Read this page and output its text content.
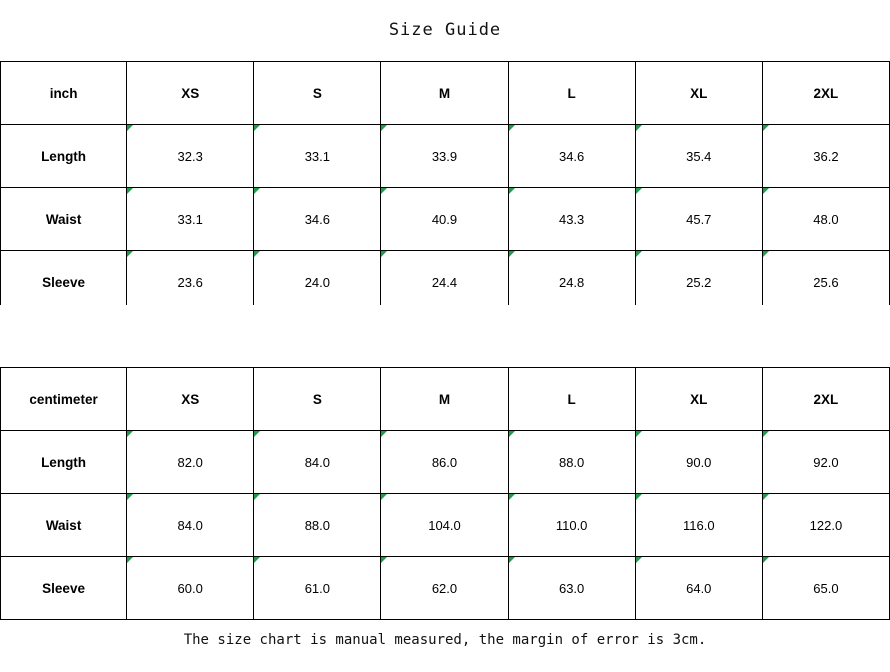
Size Guide
inch	XS	S	M	L	XL	2XL
Length	32.3	33.1	33.9	34.6	35.4	36.2
Waist	33.1	34.6	40.9	43.3	45.7	48.0
Sleeve	23.6	24.0	24.4	24.8	25.2	25.6
centimeter	XS	S	M	L	XL	2XL
Length	82.0	84.0	86.0	88.0	90.0	92.0
Waist	84.0	88.0	104.0	110.0	116.0	122.0
Sleeve	60.0	61.0	62.0	63.0	64.0	65.0
The size chart is manual measured, the margin of error is 3cm.
